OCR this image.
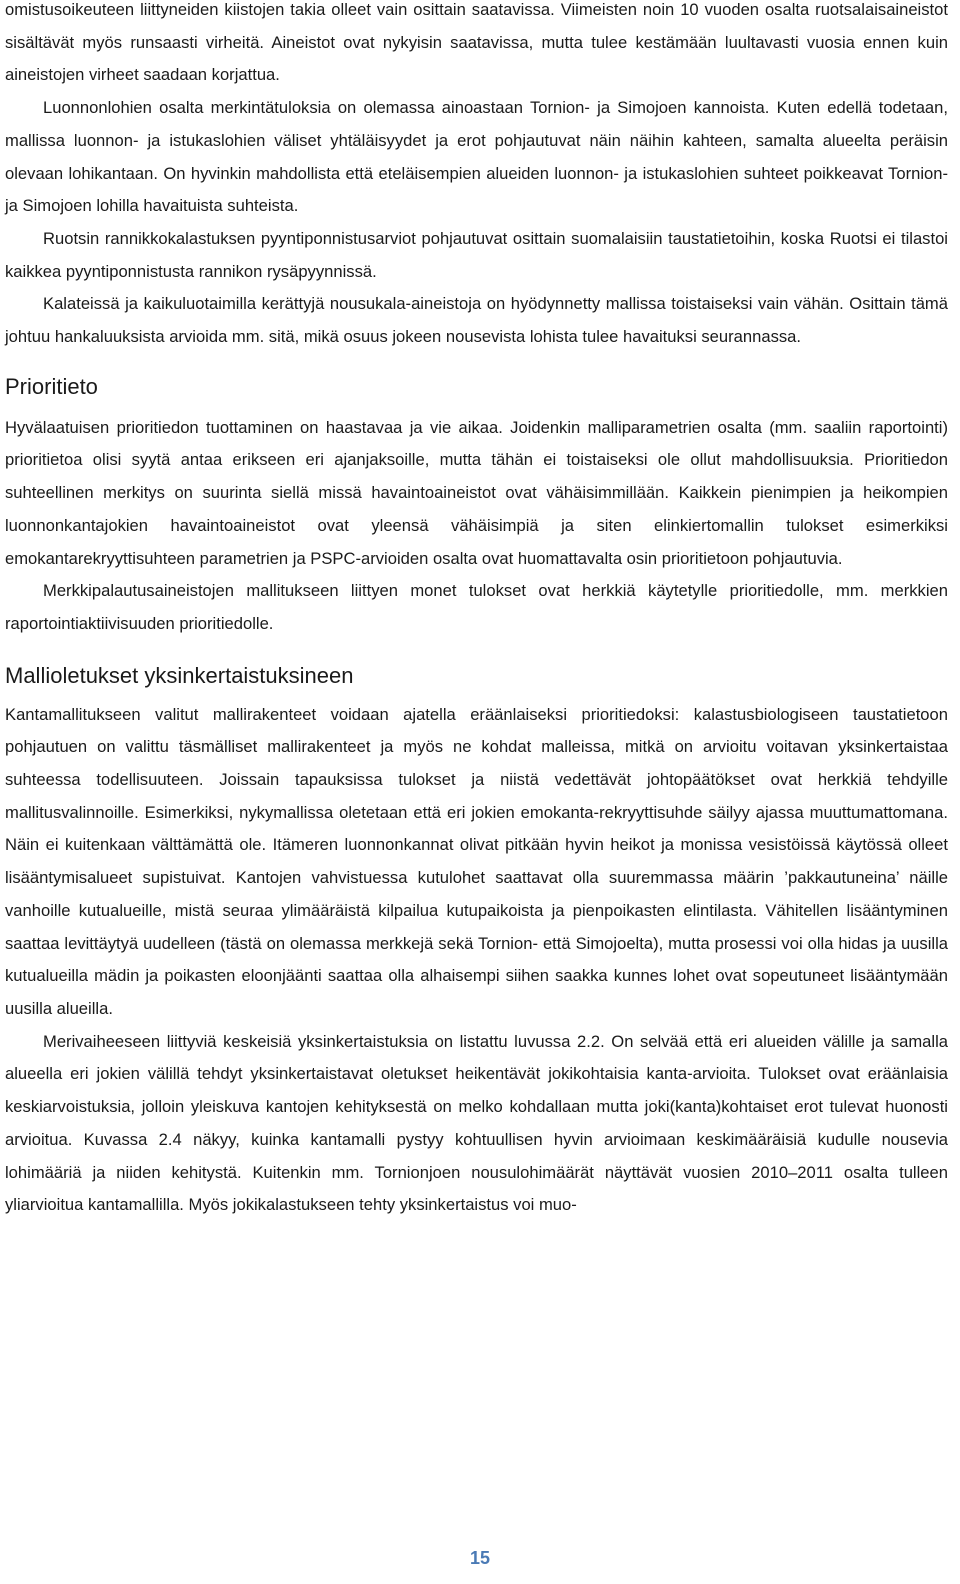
omistusoikeuteen liittyneiden kiistojen takia olleet vain osittain saatavissa. Viimeisten noin 10 vuoden osalta ruotsalaisaineistot sisältävät myös runsaasti virheitä. Aineistot ovat nykyisin saatavissa, mutta tulee kestämään luultavasti vuosia ennen kuin aineistojen virheet saadaan korjattua.

Luonnonlohien osalta merkintätuloksia on olemassa ainoastaan Tornion- ja Simojoen kannoista. Kuten edellä todetaan, mallissa luonnon- ja istukaslohien väliset yhtäläisyydet ja erot pohjautuvat näin näihin kahteen, samalta alueelta peräisin olevaan lohikantaan. On hyvinkin mahdollista että eteläisempien alueiden luonnon- ja istukaslohien suhteet poikkeavat Tornion- ja Simojoen lohilla havaituista suhteista.

Ruotsin rannikkokalastuksen pyyntiponnistusarviot pohjautuvat osittain suomalaisiin taustatietoihin, koska Ruotsi ei tilastoi kaikkea pyyntiponnistusta rannikon rysäpyynnissä.

Kalateissä ja kaikuluotaimilla kerättyjä nousukala-aineistoja on hyödynnetty mallissa toistaiseksi vain vähän. Osittain tämä johtuu hankaluuksista arvioida mm. sitä, mikä osuus jokeen nousevista lohista tulee havaituksi seurannassa.

Prioritieto

Hyvälaatuisen prioritiedon tuottaminen on haastavaa ja vie aikaa. Joidenkin malliparametrien osalta (mm. saaliin raportointi) prioritietoa olisi syytä antaa erikseen eri ajanjaksoille, mutta tähän ei toistaiseksi ole ollut mahdollisuuksia. Prioritiedon suhteellinen merkitys on suurinta siellä missä havaintoaineistot ovat vähäisimmillään. Kaikkein pienimpien ja heikompien luonnonkantajokien havaintoaineistot ovat yleensä vähäisimpiä ja siten elinkiertomallin tulokset esimerkiksi emokantarekryyttisuhteen parametrien ja PSPC-arvioiden osalta ovat huomattavalta osin prioritietoon pohjautuvia.

Merkkipalautusaineistojen mallitukseen liittyen monet tulokset ovat herkkiä käytetylle prioritiedolle, mm. merkkien raportointiaktiivisuuden prioritiedolle.

Mallioletukset yksinkertaistuksineen

Kantamallitukseen valitut mallirakenteet voidaan ajatella eräänlaiseksi prioritiedoksi: kalastusbiologiseen taustatietoon pohjautuen on valittu täsmälliset mallirakenteet ja myös ne kohdat malleissa, mitkä on arvioitu voitavan yksinkertaistaa suhteessa todellisuuteen. Joissain tapauksissa tulokset ja niistä vedettävät johtopäätökset ovat herkkiä tehdyille mallitusvalinnoille. Esimerkiksi, nykymallissa oletetaan että eri jokien emokanta-rekryyttisuhde säilyy ajassa muuttumattomana. Näin ei kuitenkaan välttämättä ole. Itämeren luonnonkannat olivat pitkään hyvin heikot ja monissa vesistöissä käytössä olleet lisääntymisalueet supistuivat. Kantojen vahvistuessa kutulohet saattavat olla suuremmassa määrin ’pakkautuneina’ näille vanhoille kutualueille, mistä seuraa ylimääräistä kilpailua kutupaikoista ja pienpoikasten elintilasta. Vähitellen lisääntyminen saattaa levittäytyä uudelleen (tästä on olemassa merkkejä sekä Tornion- että Simojoelta), mutta prosessi voi olla hidas ja uusilla kutualueilla mädin ja poikasten eloonjäänti saattaa olla alhaisempi siihen saakka kunnes lohet ovat sopeutuneet lisääntymään uusilla alueilla.

Merivaiheeseen liittyviä keskeisiä yksinkertaistuksia on listattu luvussa 2.2. On selvää että eri alueiden välille ja samalla alueella eri jokien välillä tehdyt yksinkertaistavat oletukset heikentävät jokikohtaisia kanta-arvioita. Tulokset ovat eräänlaisia keskiarvoistuksia, jolloin yleiskuva kantojen kehityksestä on melko kohdallaan mutta joki(kanta)kohtaiset erot tulevat huonosti arvioitua. Kuvassa 2.4 näkyy, kuinka kantamalli pystyy kohtuullisen hyvin arvioimaan keskimääräisiä kudulle nousevia lohimääriä ja niiden kehitystä. Kuitenkin mm. Tornionjoen nousulohimäärät näyttävät vuosien 2010–2011 osalta tulleen yliarvioitua kantamallilla. Myös jokikalastukseen tehty yksinkertaistus voi muo-

15
